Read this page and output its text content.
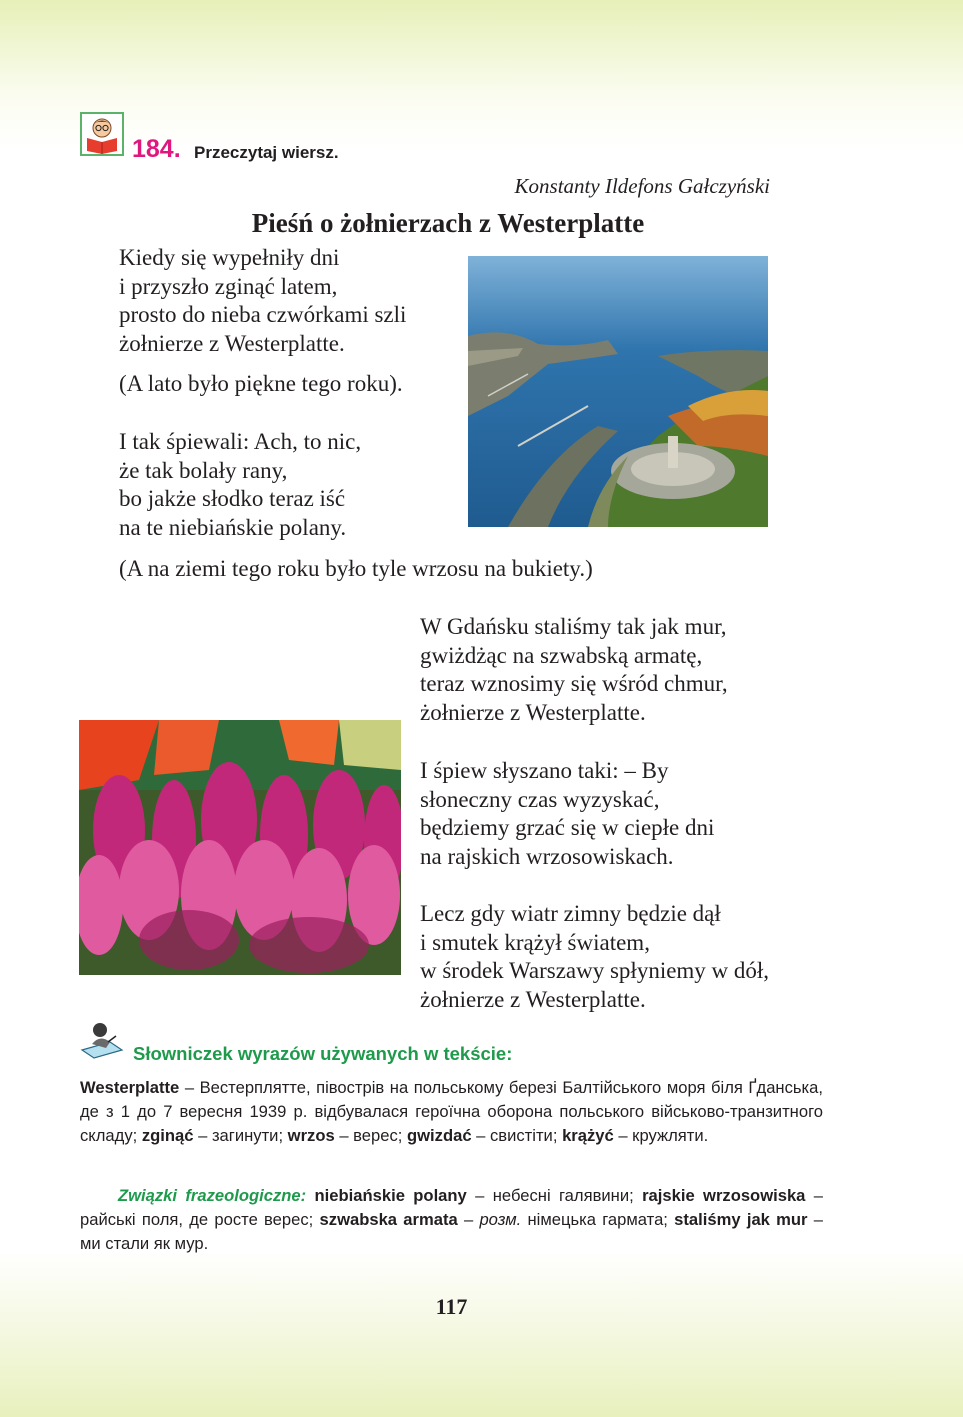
184. Przeczytaj wiersz.
Konstanty Ildefons Gałczyński
Pieśń o żołnierzach z Westerplatte
Kiedy się wypełniły dni
i przyszło zginąć latem,
prosto do nieba czwórkami szli
żołnierze z Westerplatte.
(A lato było piękne tego roku).
I tak śpiewali: Ach, to nic,
że tak bolały rany,
bo jakże słodko teraz iść
na te niebiańskie polany.
(A na ziemi tego roku było tyle wrzosu na bukiety.)
W Gdańsku staliśmy tak jak mur,
gwiżdżąc na szwabską armatę,
teraz wznosimy się wśród chmur,
żołnierze z Westerplatte.
I śpiew słyszano taki: – By
słoneczny czas wyzyskać,
będziemy grzać się w ciepłe dni
na rajskich wrzosowiskach.
Lecz gdy wiatr zimny będzie dął
i smutek krążył światem,
w środek Warszawy spłyniemy w dół,
żołnierze z Westerplatte.
Słowniczek wyrazów używanych w tekście:
Westerplatte – Вестерплятте, півострів на польському березі Балтійського моря біля Ґданська, де з 1 до 7 вересня 1939 р. відбувалася героїчна оборона польського військово-транзитного складу; zginąć – загинути; wrzos – верес; gwizdać – свистіти; krążyć – кружляти.
Związki frazeologiczne: niebiańskie polany – небесні галявини; rajskie wrzosowiska – райські поля, де росте верес; szwabska armata – розм. німецька гармата; staliśmy jak mur – ми стали як мур.
117
